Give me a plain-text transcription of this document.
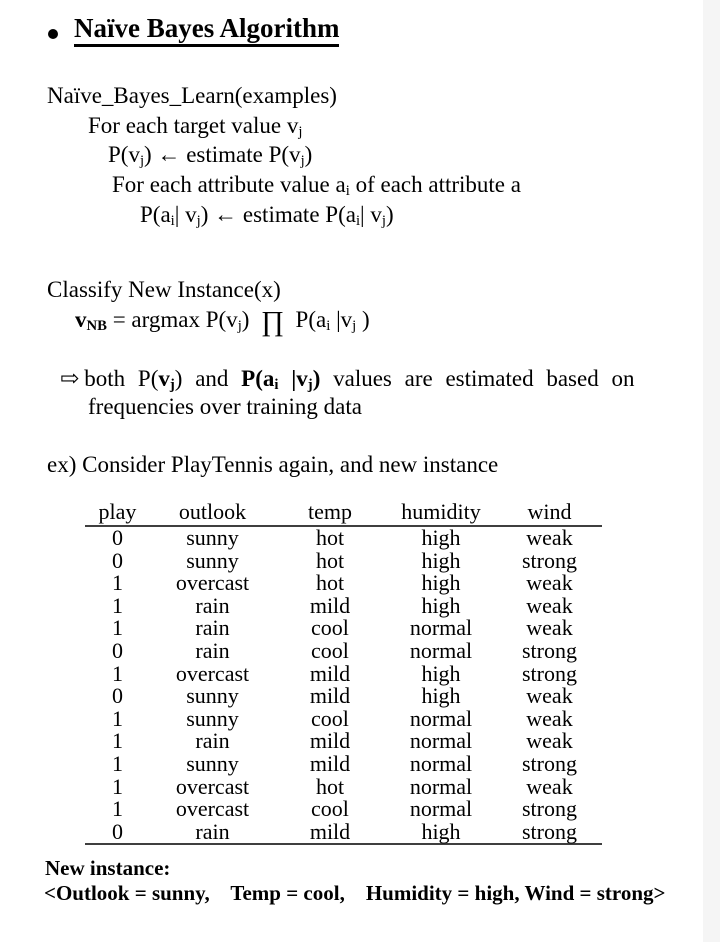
Naïve Bayes Algorithm
Naïve_Bayes_Learn(examples)
For each target value $v_j$
$P(v_j)$ ← estimate $P(v_j)$
For each attribute value $a_i$ of each attribute a
$P(a_i|$ $v_j$) ← estimate $P(a_i|$ $v_j$)
Classify New Instance(x)
$v_{NB} = argmax$ $P(v_j)$  ∏  $P(a_i$ $|v_j$ )
⇨ both $P(v_j)$ and $P(a_i$ $|v_j$) values are estimated based on
frequencies over training data
ex) Consider PlayTennis again, and new instance
play	outlook	temp	humidity	wind
0	sunny	hot	high	weak
0	sunny	hot	high	strong
1	overcast	hot	high	weak
1	rain	mild	high	weak
1	rain	cool	normal	weak
0	rain	cool	normal	strong
1	overcast	mild	high	strong
0	sunny	mild	high	weak
1	sunny	cool	normal	weak
1	rain	mild	normal	weak
1	sunny	mild	normal	strong
1	overcast	hot	normal	weak
1	overcast	cool	normal	strong
0	rain	mild	high	strong
New instance:
<Outlook = sunny,    Temp = cool,    Humidity = high, Wind = strong>
